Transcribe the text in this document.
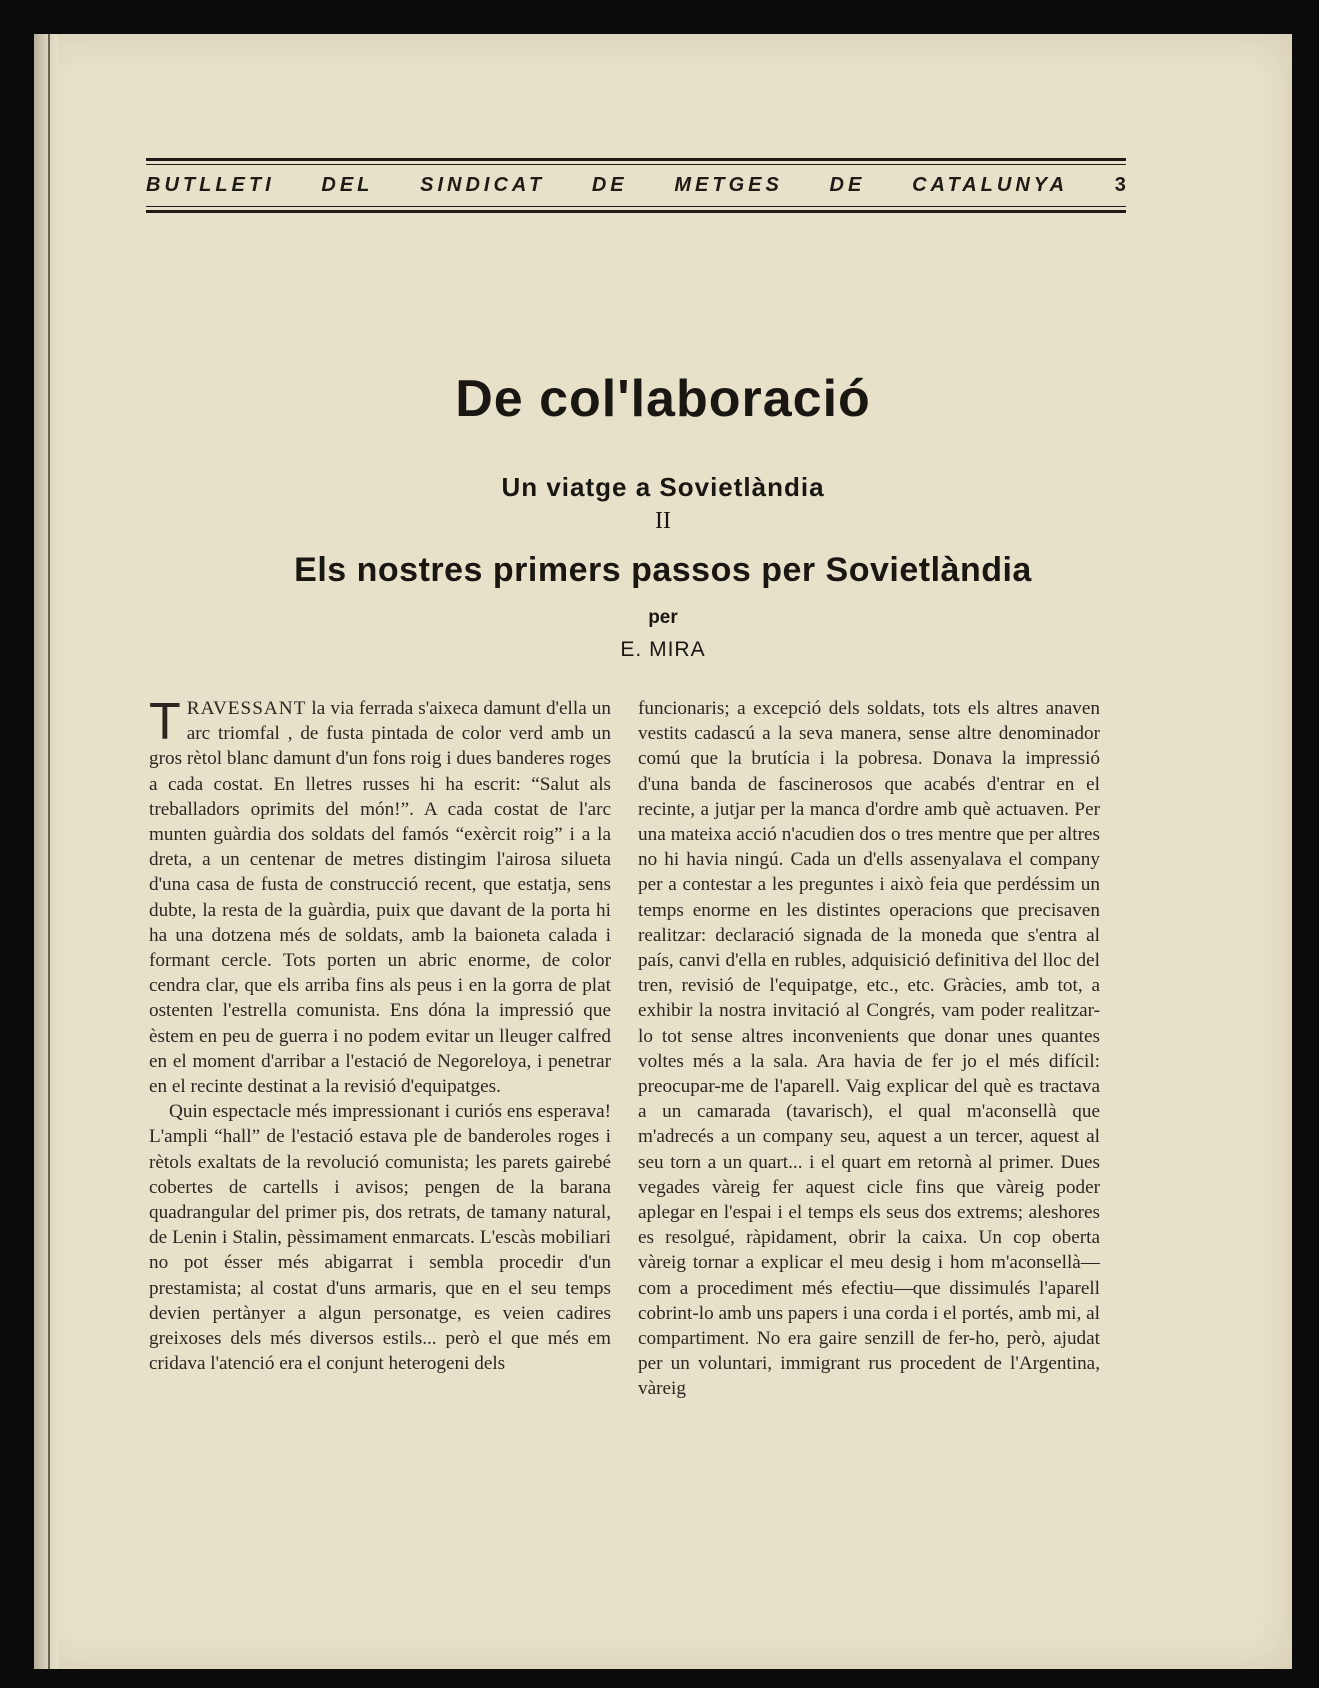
BUTLLETI DEL SINDICAT DE METGES DE CATALUNYA 3
De col'laboració
Un viatge a Sovietlàndia
II
Els nostres primers passos per Sovietlàndia
per
E. MIRA

TRAVESSANT la via ferrada s'aixeca damunt d'ella un arc triomfal , de fusta pintada de color verd amb un gros rètol blanc damunt d'un fons roig i dues banderes roges a cada costat. En lletres russes hi ha escrit: “Salut als treballadors oprimits del món!”. A cada costat de l'arc munten guàrdia dos soldats del famós “exèrcit roig” i a la dreta, a un centenar de metres distingim l'airosa silueta d'una casa de fusta de construcció recent, que estatja, sens dubte, la resta de la guàrdia, puix que davant de la porta hi ha una dotzena més de soldats, amb la baioneta calada i formant cercle. Tots porten un abric enorme, de color cendra clar, que els arriba fins als peus i en la gorra de plat ostenten l'estrella comunista. Ens dóna la impressió que èstem en peu de guerra i no podem evitar un lleuger calfred en el moment d'arribar a l'estació de Negoreloya, i penetrar en el recinte destinat a la revisió d'equipatges.

Quin espectacle més impressionant i curiós ens esperava! L'ampli “hall” de l'estació estava ple de banderoles roges i rètols exaltats de la revolució comunista; les parets gairebé cobertes de cartells i avisos; pengen de la barana quadrangular del primer pis, dos retrats, de tamany natural, de Lenin i Stalin, pèssimament enmarcats. L'escàs mobiliari no pot ésser més abigarrat i sembla procedir d'un prestamista; al costat d'uns armaris, que en el seu temps devien pertànyer a algun personatge, es veien cadires greixoses dels més diversos estils... però el que més em cridava l'atenció era el conjunt heterogeni dels

funcionaris; a excepció dels soldats, tots els altres anaven vestits cadascú a la seva manera, sense altre denominador comú que la brutícia i la pobresa. Donava la impressió d'una banda de fascinerosos que acabés d'entrar en el recinte, a jutjar per la manca d'ordre amb què actuaven. Per una mateixa acció n'acudien dos o tres mentre que per altres no hi havia ningú. Cada un d'ells assenyalava el company per a contestar a les preguntes i això feia que perdéssim un temps enorme en les distintes operacions que precisaven realitzar: declaració signada de la moneda que s'entra al país, canvi d'ella en rubles, adquisició definitiva del lloc del tren, revisió de l'equipatge, etc., etc. Gràcies, amb tot, a exhibir la nostra invitació al Congrés, vam poder realitzar-lo tot sense altres inconvenients que donar unes quantes voltes més a la sala. Ara havia de fer jo el més difícil: preocupar-me de l'aparell. Vaig explicar del què es tractava a un camarada (tavarisch), el qual m'aconsellà que m'adrecés a un company seu, aquest a un tercer, aquest al seu torn a un quart... i el quart em retornà al primer. Dues vegades vàreig fer aquest cicle fins que vàreig poder aplegar en l'espai i el temps els seus dos extrems; aleshores es resolgué, ràpidament, obrir la caixa. Un cop oberta vàreig tornar a explicar el meu desig i hom m'aconsellà—com a procediment més efectiu—que dissimulés l'aparell cobrint-lo amb uns papers i una corda i el portés, amb mi, al compartiment. No era gaire senzill de fer-ho, però, ajudat per un voluntari, immigrant rus procedent de l'Argentina, vàreig
